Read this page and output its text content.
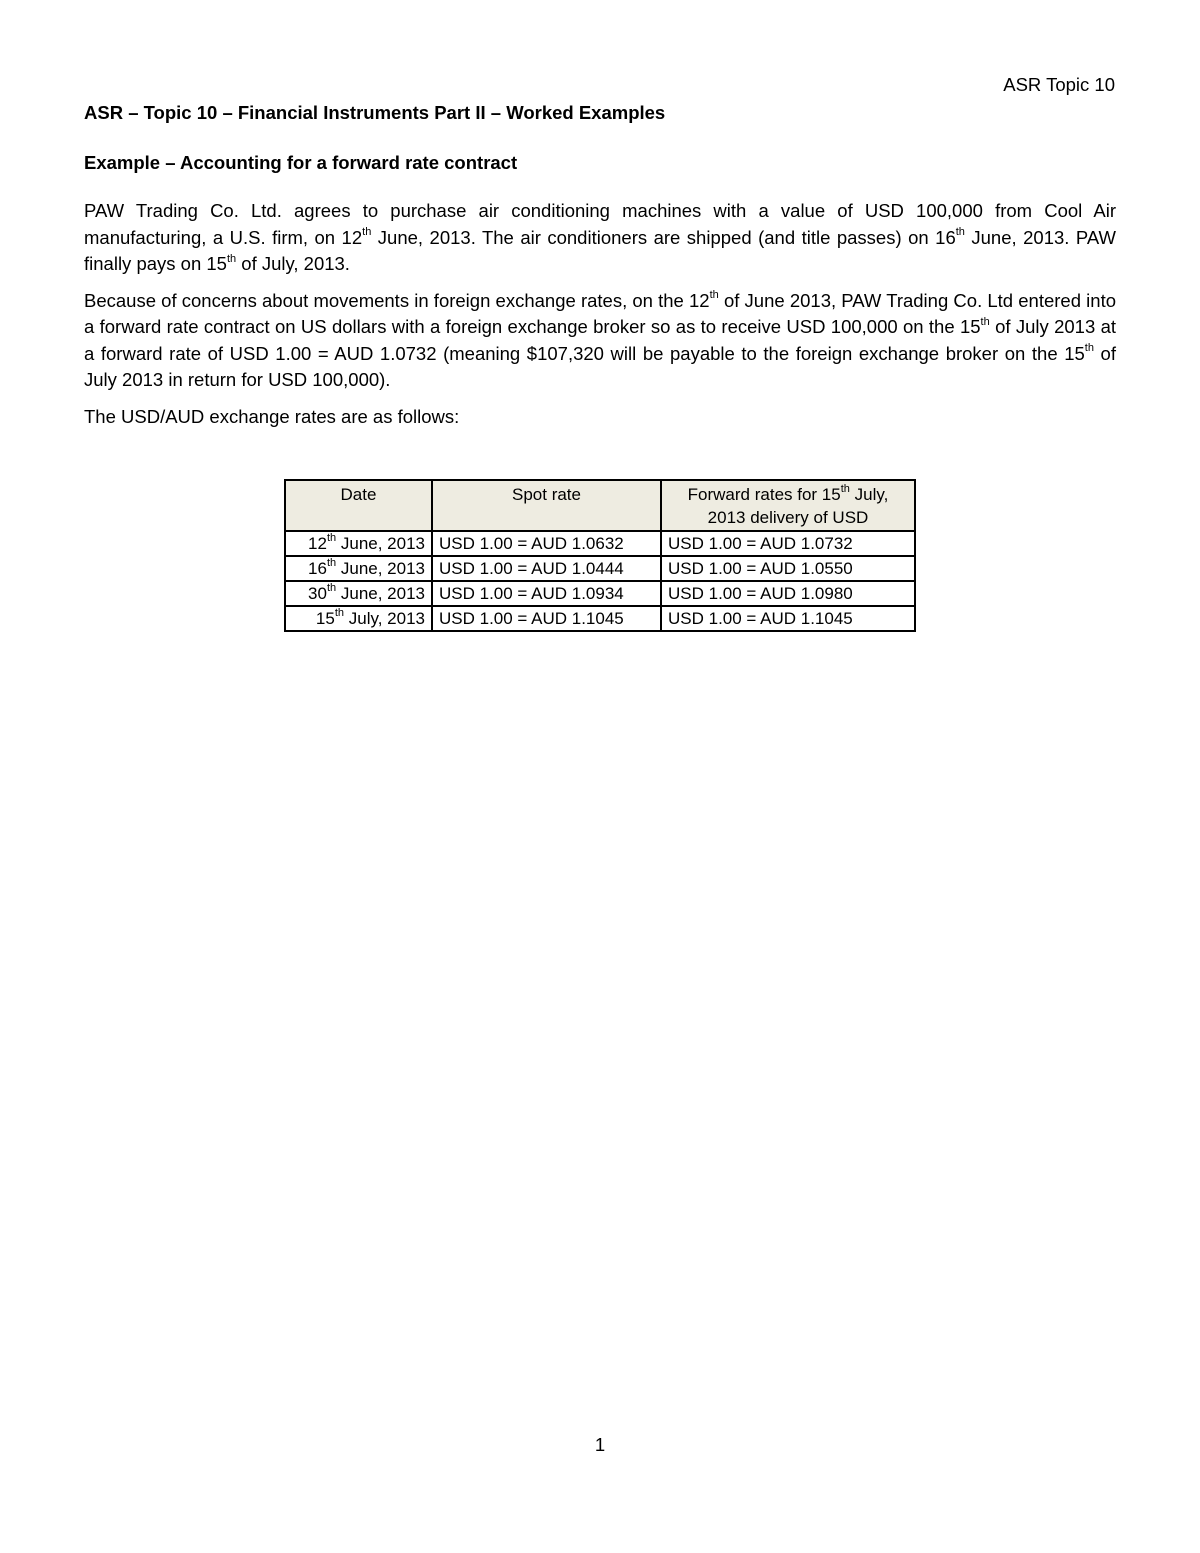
ASR Topic 10
ASR – Topic 10 – Financial Instruments Part II – Worked Examples
Example – Accounting for a forward rate contract

PAW Trading Co. Ltd. agrees to purchase air conditioning machines with a value of USD 100,000 from Cool Air manufacturing, a U.S. firm, on 12th June, 2013. The air conditioners are shipped (and title passes) on 16th June, 2013. PAW finally pays on 15th of July, 2013.

Because of concerns about movements in foreign exchange rates, on the 12th of June 2013, PAW Trading Co. Ltd entered into a forward rate contract on US dollars with a foreign exchange broker so as to receive USD 100,000 on the 15th of July 2013 at a forward rate of USD 1.00 = AUD 1.0732 (meaning $107,320 will be payable to the foreign exchange broker on the 15th of July 2013 in return for USD 100,000).

The USD/AUD exchange rates are as follows:

Date	Spot rate	Forward rates for 15th July,
2013 delivery of USD
12th June, 2013	USD 1.00 = AUD 1.0632	USD 1.00 = AUD 1.0732
16th June, 2013	USD 1.00 = AUD 1.0444	USD 1.00 = AUD 1.0550
30th June, 2013	USD 1.00 = AUD 1.0934	USD 1.00 = AUD 1.0980
15th July, 2013	USD 1.00 = AUD 1.1045	USD 1.00 = AUD 1.1045
1
